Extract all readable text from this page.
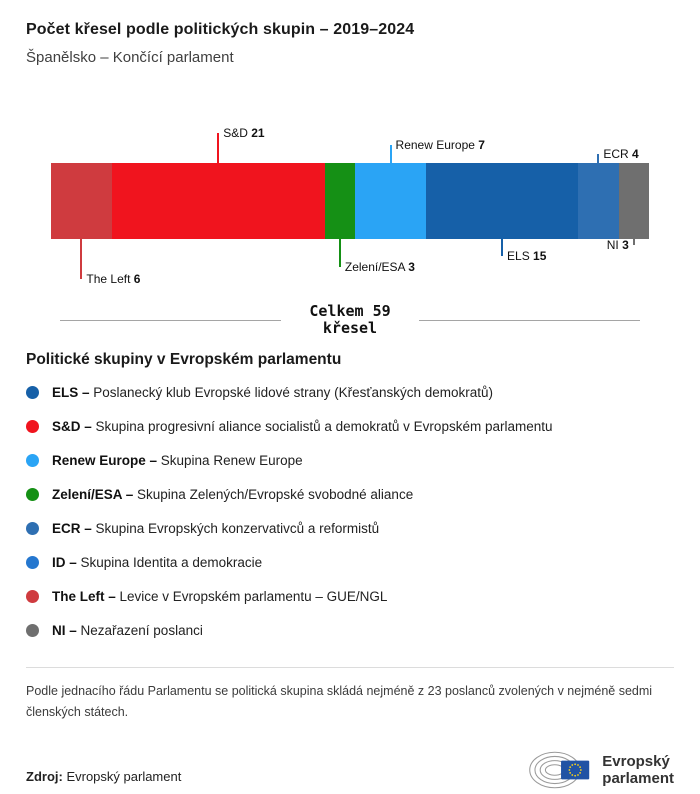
Počet křesel podle politických skupin – 2019–2024
Španělsko – Končící parlament
The Left 6
S&D 21
Zelení/ESA 3
Renew Europe 7
ELS 15
ECR 4
NI 3
Celkem 59
křesel
Politické skupiny v Evropském parlamentu
ELS – Poslanecký klub Evropské lidové strany (Křesťanských demokratů)
S&D – Skupina progresivní aliance socialistů a demokratů v Evropském parlamentu
Renew Europe – Skupina Renew Europe
Zelení/ESA – Skupina Zelených/Evropské svobodné aliance
ECR – Skupina Evropských konzervativců a reformistů
ID – Skupina Identita a demokracie
The Left – Levice v Evropském parlamentu – GUE/NGL
NI – Nezařazení poslanci

Podle jednacího řádu Parlamentu se politická skupina skládá nejméně z 23 poslanců zvolených v nejméně sedmi členských státech.

Zdroj: Evropský parlament
Evropský
parlament
